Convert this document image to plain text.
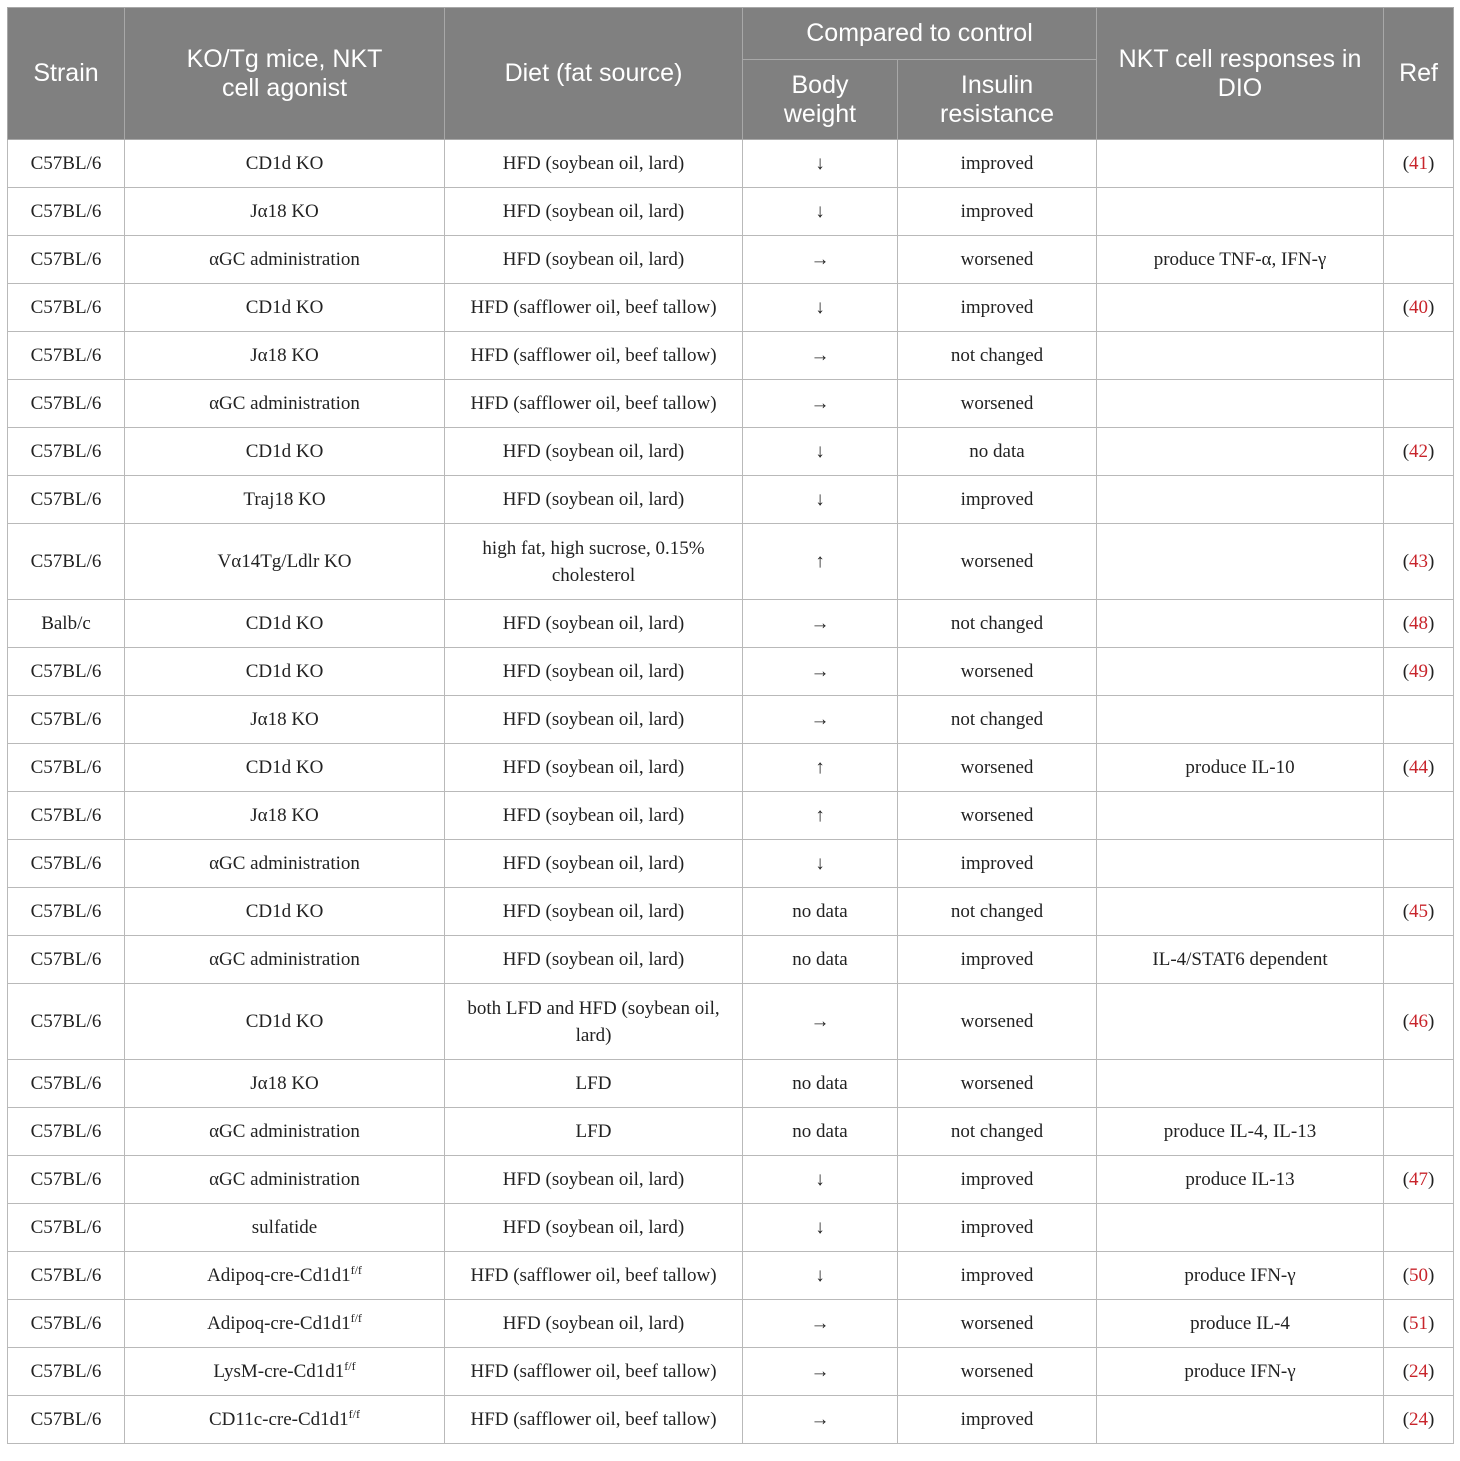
Strain	KO/Tg mice, NKT cell agonist	Diet (fat source)	Compared to control		NKT cell responses in DIO	Ref
			Body weight	Insulin resistance		
C57BL/6	CD1d KO	HFD (soybean oil, lard)	↓	improved		(41)
C57BL/6	Jα18 KO	HFD (soybean oil, lard)	↓	improved		
C57BL/6	αGC administration	HFD (soybean oil, lard)	→	worsened	produce TNF-α, IFN-γ	
C57BL/6	CD1d KO	HFD (safflower oil, beef tallow)	↓	improved		(40)
C57BL/6	Jα18 KO	HFD (safflower oil, beef tallow)	→	not changed		
C57BL/6	αGC administration	HFD (safflower oil, beef tallow)	→	worsened		
C57BL/6	CD1d KO	HFD (soybean oil, lard)	↓	no data		(42)
C57BL/6	Traj18 KO	HFD (soybean oil, lard)	↓	improved		
C57BL/6	Vα14Tg/Ldlr KO	high fat, high sucrose, 0.15% cholesterol	↑	worsened		(43)
Balb/c	CD1d KO	HFD (soybean oil, lard)	→	not changed		(48)
C57BL/6	CD1d KO	HFD (soybean oil, lard)	→	worsened		(49)
C57BL/6	Jα18 KO	HFD (soybean oil, lard)	→	not changed		
C57BL/6	CD1d KO	HFD (soybean oil, lard)	↑	worsened	produce IL-10	(44)
C57BL/6	Jα18 KO	HFD (soybean oil, lard)	↑	worsened		
C57BL/6	αGC administration	HFD (soybean oil, lard)	↓	improved		
C57BL/6	CD1d KO	HFD (soybean oil, lard)	no data	not changed		(45)
C57BL/6	αGC administration	HFD (soybean oil, lard)	no data	improved	IL-4/STAT6 dependent	
C57BL/6	CD1d KO	both LFD and HFD (soybean oil, lard)	→	worsened		(46)
C57BL/6	Jα18 KO	LFD	no data	worsened		
C57BL/6	αGC administration	LFD	no data	not changed	produce IL-4, IL-13	
C57BL/6	αGC administration	HFD (soybean oil, lard)	↓	improved	produce IL-13	(47)
C57BL/6	sulfatide	HFD (soybean oil, lard)	↓	improved		
C57BL/6	Adipoq-$cre-Cd1d1^{f/f}$	HFD (safflower oil, beef tallow)	↓	improved	produce IFN-γ	(50)
C57BL/6	Adipoq-$cre-Cd1d1^{f/f}$	HFD (soybean oil, lard)	→	worsened	produce IL-4	(51)
C57BL/6	LysM-$cre-Cd1d1^{f/f}$	HFD (safflower oil, beef tallow)	→	worsened	produce IFN-γ	(24)
C57BL/6	$CD11c-cre-Cd1d1^{f/f}$	HFD (safflower oil, beef tallow)	→	improved		(24)
